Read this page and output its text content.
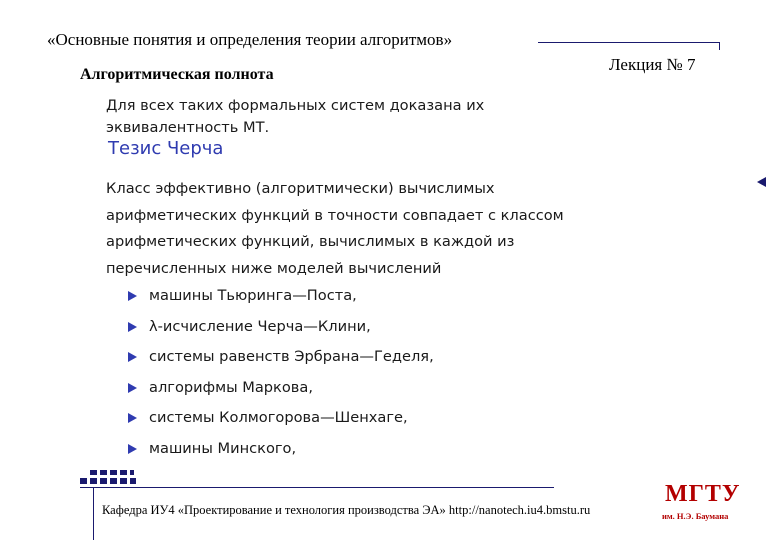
«Основные понятия и определения теории алгоритмов»
Лекция № 7
Алгоритмическая полнота
Для всех таких формальных систем доказана их
эквивалентность МТ.
Тезис Черча
Класс эффективно (алгоритмически) вычислимых
арифметических функций в точности совпадает с классом
арифметических функций, вычислимых в каждой из
перечисленных ниже моделей вычислений
машины Тьюринга—Поста,
λ-исчисление Черча—Клини,
системы равенств Эрбрана—Геделя,
алгорифмы Маркова,
системы Колмогорова—Шенхаге,
машины Минского,
Кафедра ИУ4 «Проектирование и технология производства ЭА» http://nanotech.iu4.bmstu.ru
МГТУ
им. Н.Э. Баумана
